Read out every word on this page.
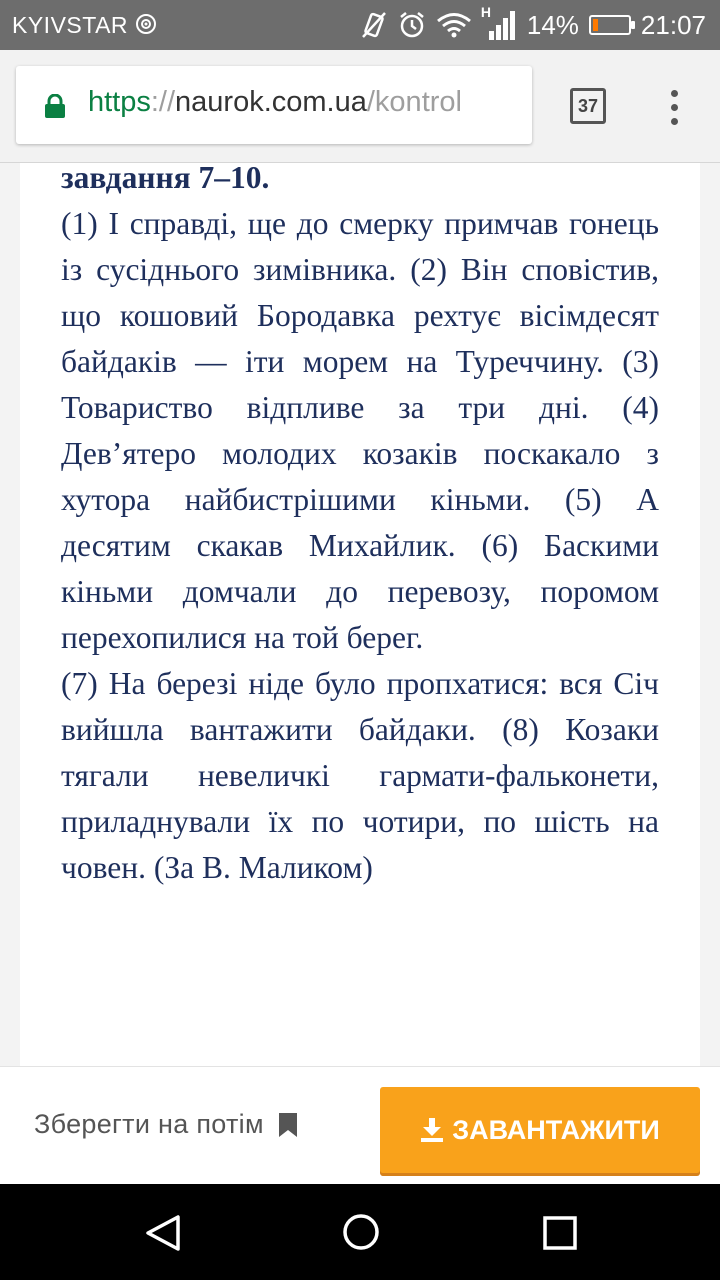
KYIVSTAR	H 14% 21:07
https://naurok.com.ua/kontrol	37

завдання 7–10.

(1) І справді, ще до смерку примчав гонець із сусіднього зимівника. (2) Він сповістив, що кошовий Бородавка рехтує вісімдесят байдаків — іти морем на Туреччину. (3) Товариство відпливе за три дні. (4) Дев’ятеро молодих козаків поскакало з хутора найбистрішими кіньми. (5) А десятим скакав Михайлик. (6) Баскими кіньми домчали до перевозу, поромом перехопилися на той берег.

(7) На березі ніде було пропхатися: вся Січ вийшла вантажити байдаки. (8) Козаки тягали невеличкі гармати-фальконети, приладнували їх по чотири, по шість на човен. (За В. Маликом)

Зберегти на потім	ЗАВАНТАЖИТИ
